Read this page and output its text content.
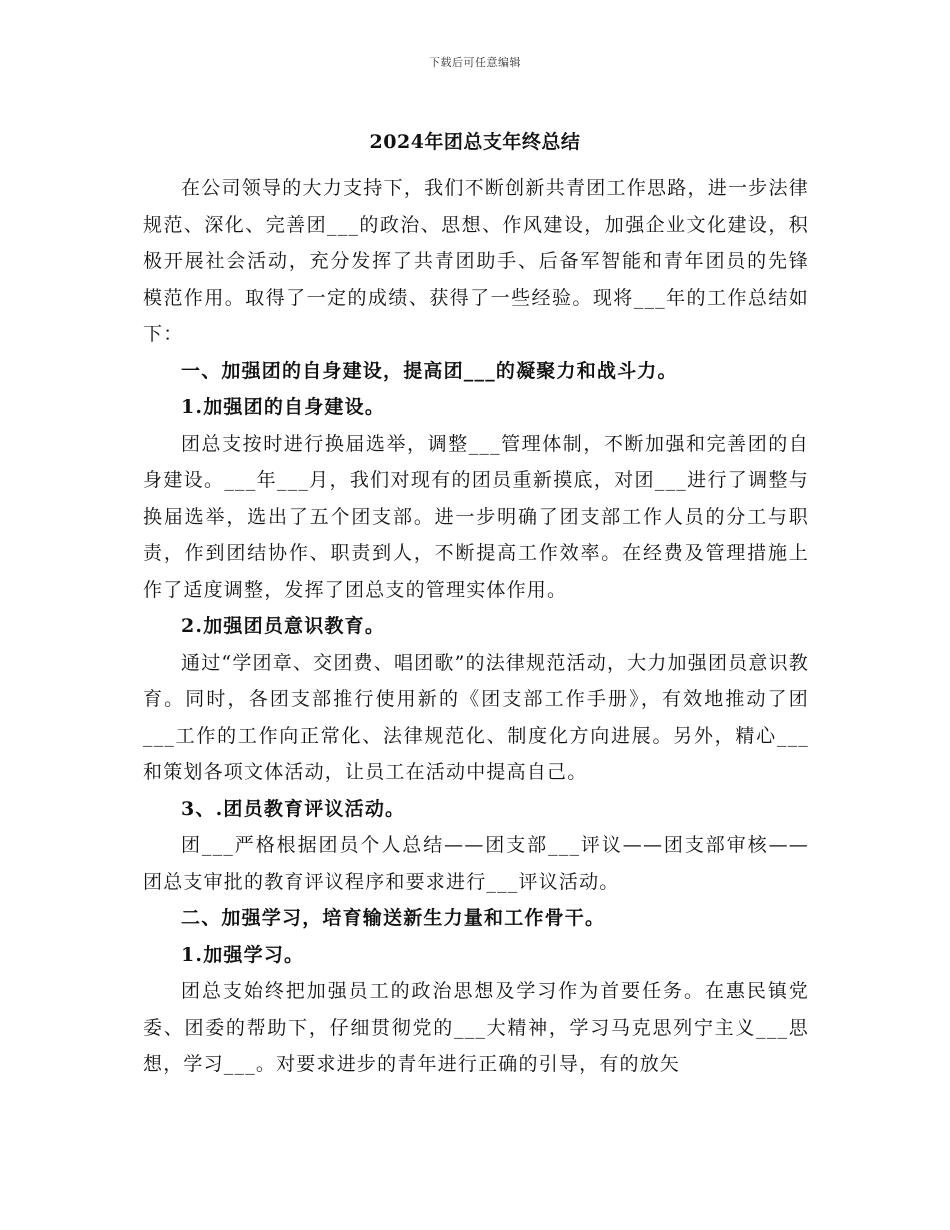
下载后可任意编辑
2024年团总支年终总结

在公司领导的大力支持下，我们不断创新共青团工作思路，进一步法律规范、深化、完善团___的政治、思想、作风建设，加强企业文化建设，积极开展社会活动，充分发挥了共青团助手、后备军智能和青年团员的先锋模范作用。取得了一定的成绩、获得了一些经验。现将___年的工作总结如下：

一、加强团的自身建设，提高团___的凝聚力和战斗力。

1.加强团的自身建设。

团总支按时进行换届选举，调整___管理体制，不断加强和完善团的自身建设。___年___月，我们对现有的团员重新摸底，对团___进行了调整与换届选举，选出了五个团支部。进一步明确了团支部工作人员的分工与职责，作到团结协作、职责到人，不断提高工作效率。在经费及管理措施上作了适度调整，发挥了团总支的管理实体作用。

2.加强团员意识教育。

通过“学团章、交团费、唱团歌”的法律规范活动，大力加强团员意识教育。同时，各团支部推行使用新的《团支部工作手册》，有效地推动了团___工作的工作向正常化、法律规范化、制度化方向进展。另外，精心___和策划各项文体活动，让员工在活动中提高自己。

3、.团员教育评议活动。

团___严格根据团员个人总结——团支部___评议——团支部审核——团总支审批的教育评议程序和要求进行___评议活动。

二、加强学习，培育输送新生力量和工作骨干。

1.加强学习。

团总支始终把加强员工的政治思想及学习作为首要任务。在惠民镇党委、团委的帮助下，仔细贯彻党的___大精神，学习马克思列宁主义___思想，学习___。对要求进步的青年进行正确的引导，有的放矢
